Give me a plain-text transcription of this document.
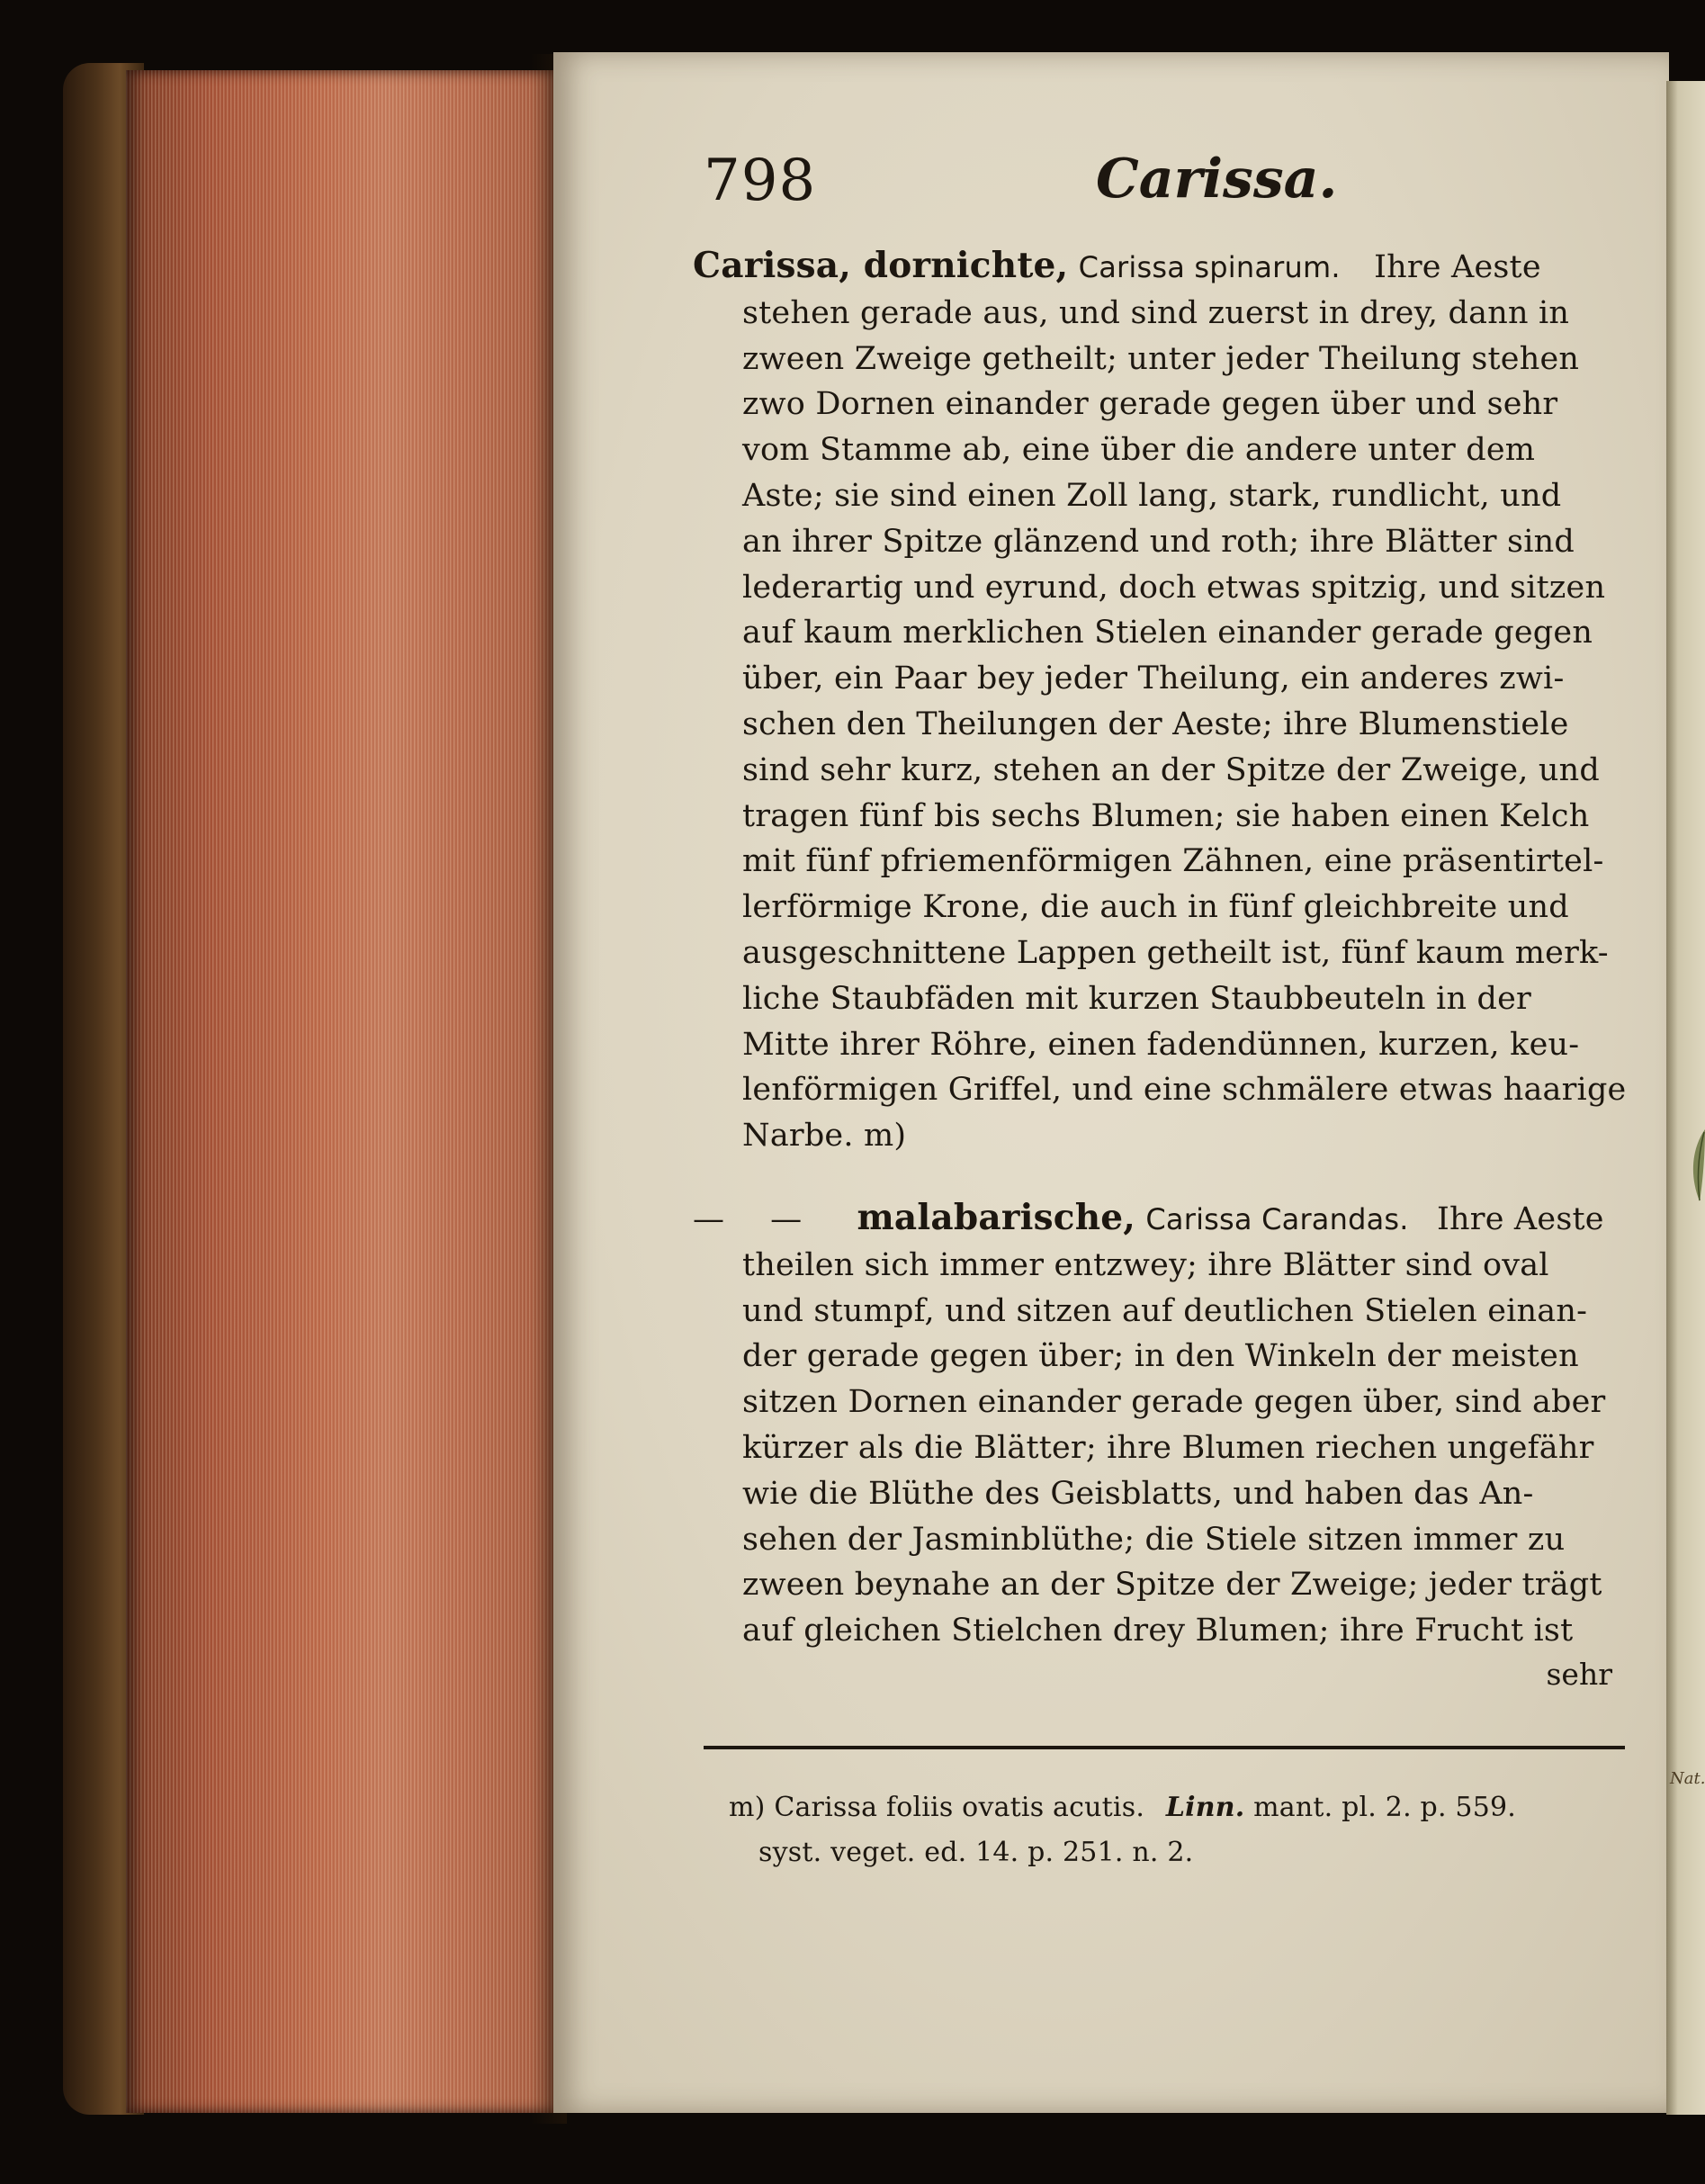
Nat.
798	Carissa.
Carissa, dornichte, Carissa spinarum. Ihre Aeste
stehen gerade aus, und sind zuerst in drey, dann in
zween Zweige getheilt; unter jeder Theilung stehen
zwo Dornen einander gerade gegen über und sehr
vom Stamme ab, eine über die andere unter dem
Aste; sie sind einen Zoll lang, stark, rundlicht, und
an ihrer Spitze glänzend und roth; ihre Blätter sind
lederartig und eyrund, doch etwas spitzig, und sitzen
auf kaum merklichen Stielen einander gerade gegen
über, ein Paar bey jeder Theilung, ein anderes zwi-
schen den Theilungen der Aeste; ihre Blumenstiele
sind sehr kurz, stehen an der Spitze der Zweige, und
tragen fünf bis sechs Blumen; sie haben einen Kelch
mit fünf pfriemenförmigen Zähnen, eine präsentirtel-
lerförmige Krone, die auch in fünf gleichbreite und
ausgeschnittene Lappen getheilt ist, fünf kaum merk-
liche Staubfäden mit kurzen Staubbeuteln in der
Mitte ihrer Röhre, einen fadendünnen, kurzen, keu-
lenförmigen Griffel, und eine schmälere etwas haarige
Narbe. m)
— — malabarische, Carissa Carandas. Ihre Aeste
theilen sich immer entzwey; ihre Blätter sind oval
und stumpf, und sitzen auf deutlichen Stielen einan-
der gerade gegen über; in den Winkeln der meisten
sitzen Dornen einander gerade gegen über, sind aber
kürzer als die Blätter; ihre Blumen riechen ungefähr
wie die Blüthe des Geisblatts, und haben das An-
sehen der Jasminblüthe; die Stiele sitzen immer zu
zween beynahe an der Spitze der Zweige; jeder trägt
auf gleichen Stielchen drey Blumen; ihre Frucht ist
sehr
m) Carissa foliis ovatis acutis. Linn. mant. pl. 2. p. 559.
syst. veget. ed. 14. p. 251. n. 2.
